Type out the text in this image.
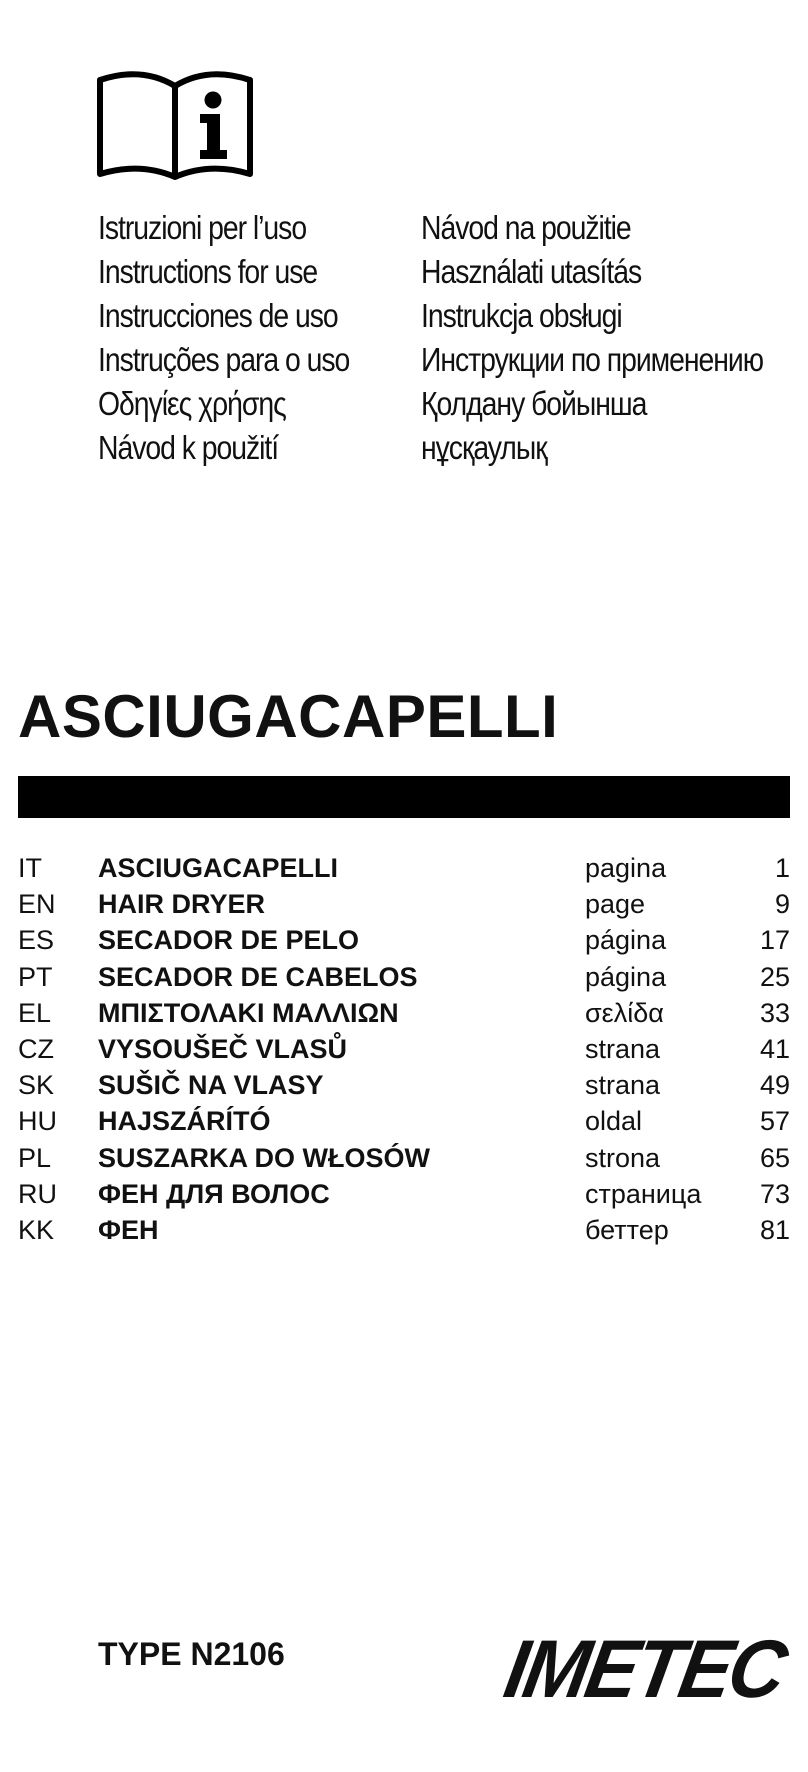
Istruzioni per l’uso
Instructions for use
Instrucciones de uso
Instruções para o uso
Οδηγίες χρήσης
Návod k použití
Návod na použitie
Használati utasítás
Instrukcja obsługi
Инструкции по применению
Қолдану бойынша
нұсқаулық
ASCIUGACAPELLI
IT ASCIUGACAPELLI	pagina	1
EN HAIR DRYER	page	9
ES SECADOR DE PELO	página	17
PT SECADOR DE CABELOS	página	25
EL ΜΠΙΣΤΟΛΑΚΙ ΜΑΛΛΙΩΝ	σελίδα	33
CZ VYSOUŠEČ VLASŮ	strana	41
SK SUŠIČ NA VLASY	strana	49
HU HAJSZÁRÍTÓ	oldal	57
PL SUSZARKA DO WŁOSÓW	strona	65
RU ФЕН ДЛЯ ВОЛОС	страница 73
KK ФЕН	беттер	81
TYPE N2106	IMETEC
